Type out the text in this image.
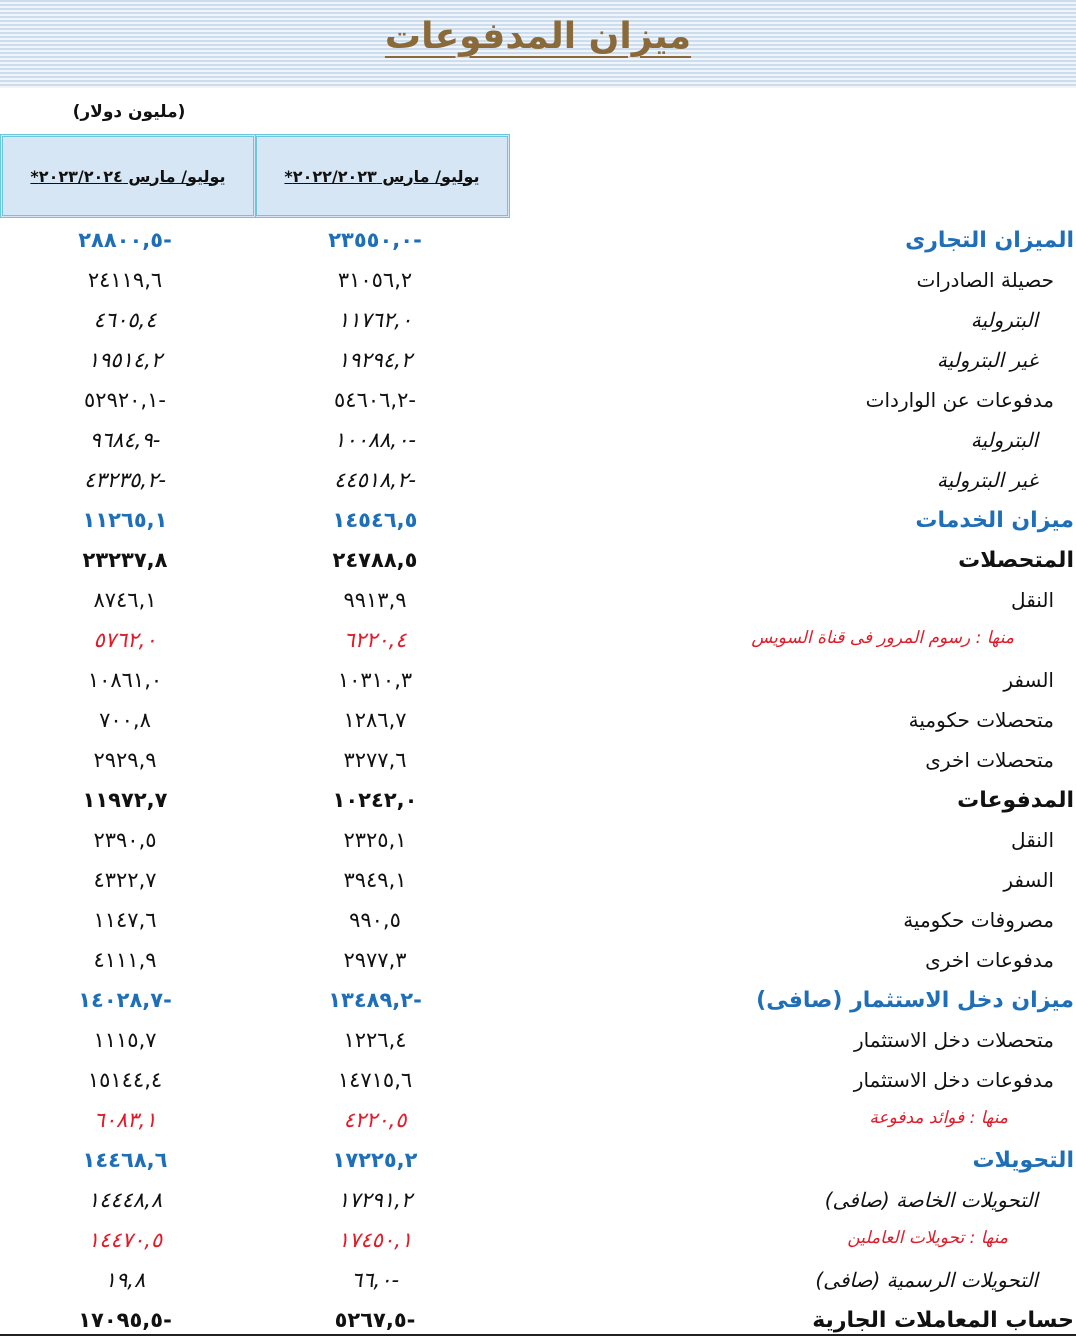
ميزان المدفوعات
(مليون دولار)
يوليو/ مارس ٢٠٢٢/٢٠٢٣*
يوليو/ مارس ٢٠٢٣/٢٠٢٤*
الميزان التجارى
-٢٣٥٥٠,٠
-٢٨٨٠٠,٥
حصيلة الصادرات
٣١٠٥٦,٢
٢٤١١٩,٦
البترولية
١١٧٦٢,٠
٤٦٠٥,٤
غير البترولية
١٩٢٩٤,٢
١٩٥١٤,٢
مدفوعات عن الواردات
-٥٤٦٠٦,٢
-٥٢٩٢٠,١
البترولية
-١٠٠٨٨,٠
-٩٦٨٤,٩
غير البترولية
-٤٤٥١٨,٢
-٤٣٢٣٥,٢
ميزان الخدمات
١٤٥٤٦,٥
١١٢٦٥,١
المتحصلات
٢٤٧٨٨,٥
٢٣٢٣٧,٨
النقل
٩٩١٣,٩
٨٧٤٦,١
منها : رسوم المرور فى قناة السويس
٦٢٢٠,٤
٥٧٦٢,٠
السفر
١٠٣١٠,٣
١٠٨٦١,٠
متحصلات حكومية
١٢٨٦,٧
٧٠٠,٨
متحصلات اخرى
٣٢٧٧,٦
٢٩٢٩,٩
المدفوعات
١٠٢٤٢,٠
١١٩٧٢,٧
النقل
٢٣٢٥,١
٢٣٩٠,٥
السفر
٣٩٤٩,١
٤٣٢٢,٧
مصروفات حكومية
٩٩٠,٥
١١٤٧,٦
مدفوعات اخرى
٢٩٧٧,٣
٤١١١,٩
ميزان دخل الاستثمار (صافى)
-١٣٤٨٩,٢
-١٤٠٢٨,٧
متحصلات دخل الاستثمار
١٢٢٦,٤
١١١٥,٧
مدفوعات دخل الاستثمار
١٤٧١٥,٦
١٥١٤٤,٤
منها : فوائد مدفوعة
٤٢٢٠,٥
٦٠٨٣,١
التحويلات
١٧٢٢٥,٢
١٤٤٦٨,٦
التحويلات الخاصة (صافى)
١٧٢٩١,٢
١٤٤٤٨,٨
منها : تحويلات العاملين
١٧٤٥٠,١
١٤٤٧٠,٥
التحويلات الرسمية (صافى)
-٦٦,٠
١٩,٨
حساب المعاملات الجارية
-٥٢٦٧,٥
-١٧٠٩٥,٥
